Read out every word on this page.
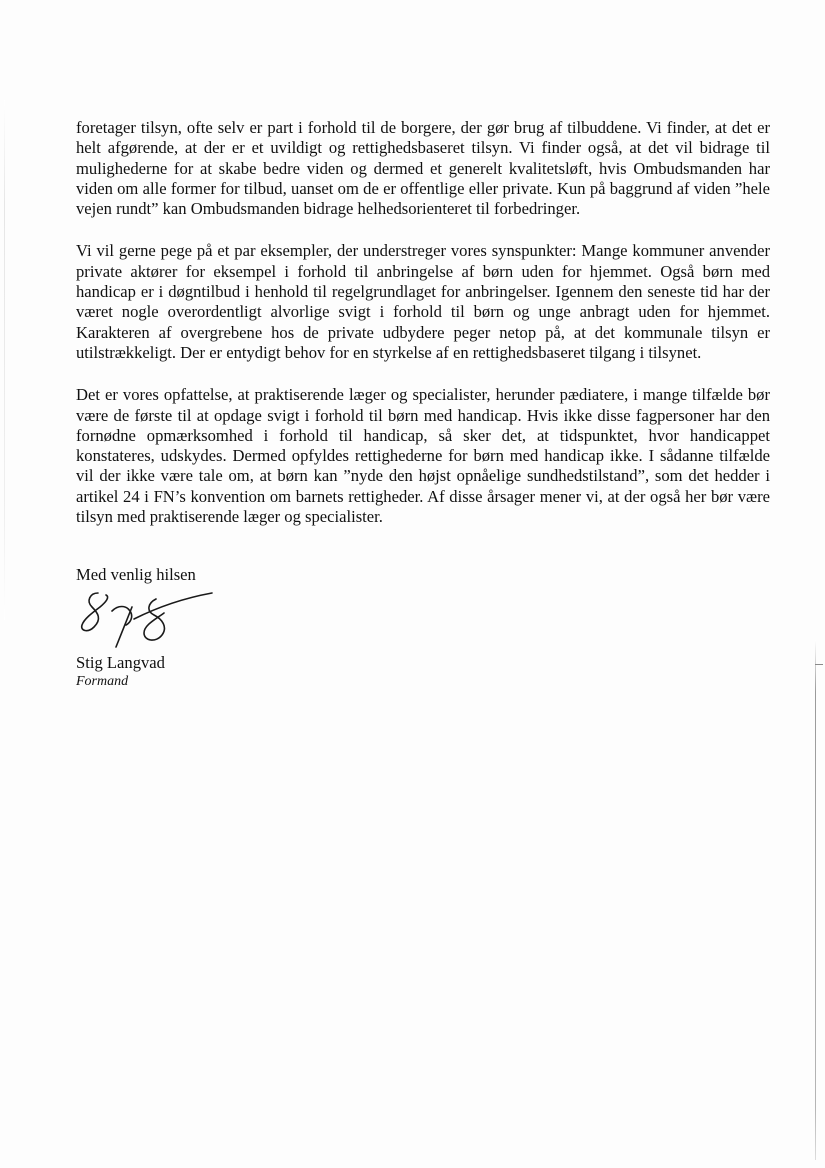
foretager tilsyn, ofte selv er part i forhold til de borgere, der gør brug af tilbuddene. Vi finder, at det er helt afgørende, at der er et uvildigt og rettighedsbaseret tilsyn. Vi finder også, at det vil bidrage til mulighederne for at skabe bedre viden og dermed et generelt kvalitetsløft, hvis Ombudsmanden har viden om alle former for tilbud, uanset om de er offentlige eller private. Kun på baggrund af viden ”hele vejen rundt” kan Ombudsmanden bidrage helhedsorienteret til forbedringer.

Vi vil gerne pege på et par eksempler, der understreger vores synspunkter: Mange kommuner anvender private aktører for eksempel i forhold til anbringelse af børn uden for hjemmet. Også børn med handicap er i døgntilbud i henhold til regelgrundlaget for anbringelser. Igennem den seneste tid har der været nogle overordentligt alvorlige svigt i forhold til børn og unge anbragt uden for hjemmet. Karakteren af overgrebene hos de private udbydere peger netop på, at det kommunale tilsyn er utilstrækkeligt. Der er entydigt behov for en styrkelse af en rettighedsbaseret tilgang i tilsynet.

Det er vores opfattelse, at praktiserende læger og specialister, herunder pædiatere, i mange tilfælde bør være de første til at opdage svigt i forhold til børn med handicap. Hvis ikke disse fagpersoner har den fornødne opmærksomhed i forhold til handicap, så sker det, at tidspunktet, hvor handicappet konstateres, udskydes. Dermed opfyldes rettighederne for børn med handicap ikke. I sådanne tilfælde vil der ikke være tale om, at børn kan ”nyde den højst opnåelige sundhedstilstand”, som det hedder i artikel 24 i FN’s konvention om barnets rettigheder. Af disse årsager mener vi, at der også her bør være tilsyn med praktiserende læger og specialister.

Med venlig hilsen

Stig Langvad

Formand
